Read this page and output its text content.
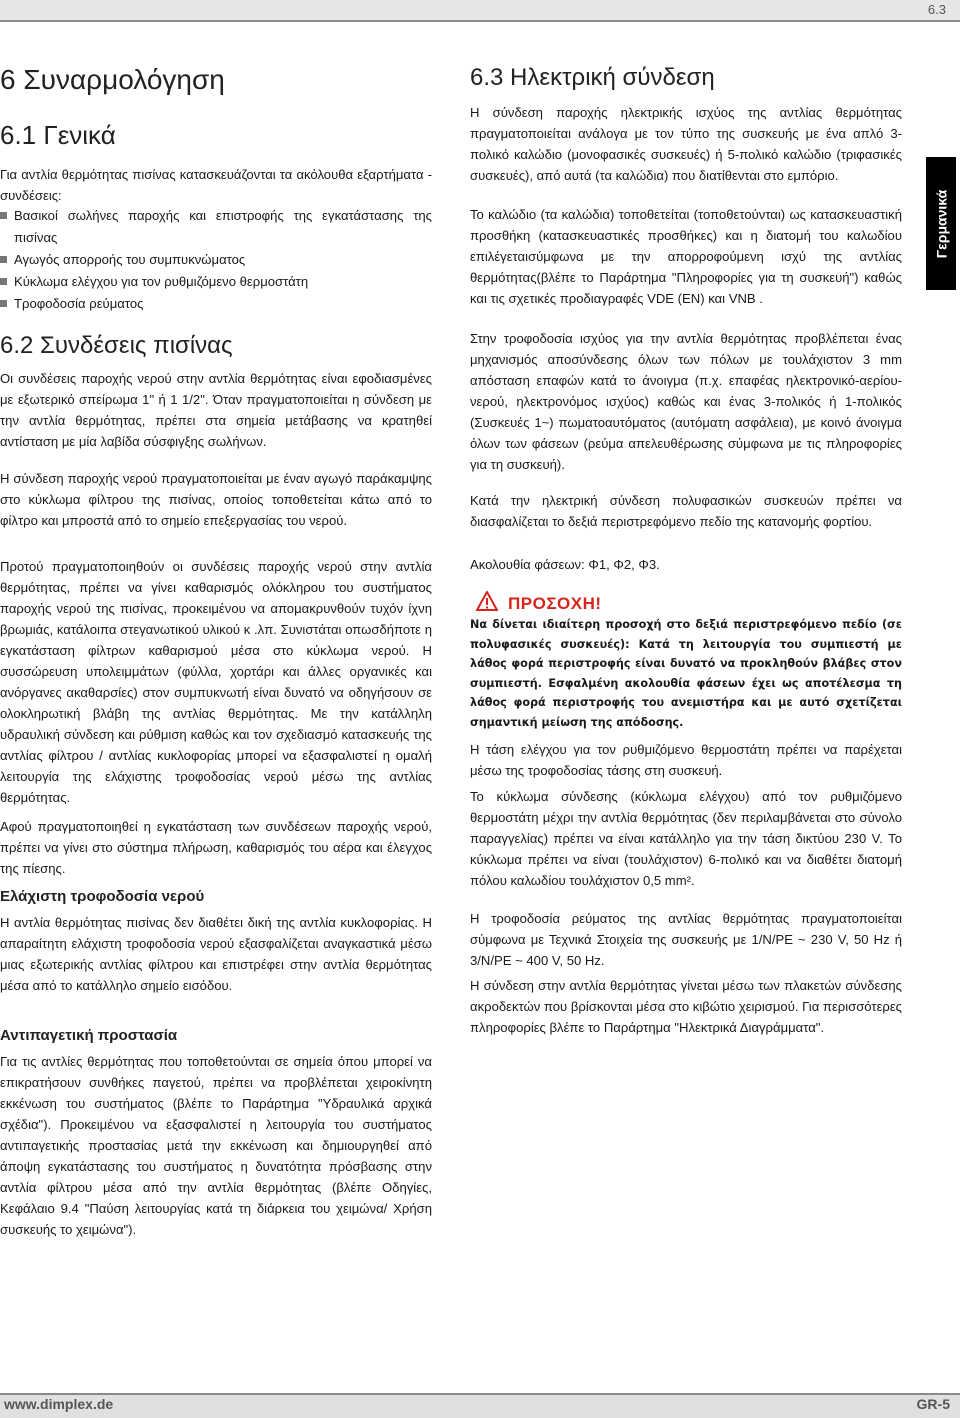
6.3
6 Συναρμολόγηση
6.1 Γενικά

Για αντλία θερμότητας πισίνας κατασκευάζονται τα ακόλουθα εξαρτήματα - συνδέσεις:

Βασικοί σωλήνες παροχής και επιστροφής της εγκατάστασης της πισίνας
Αγωγός απορροής του συμπυκνώματος
Κύκλωμα ελέγχου για τον ρυθμιζόμενο θερμοστάτη
Τροφοδοσία ρεύματος
6.2 Συνδέσεις πισίνας

Οι συνδέσεις παροχής νερού στην αντλία θερμότητας είναι εφοδιασμένες με εξωτερικό σπείρωμα 1" ή 1 1/2". Όταν πραγματοποιείται η σύνδεση με την αντλία θερμότητας, πρέπει στα σημεία μετάβασης να κρατηθεί αντίσταση με μία λαβίδα σύσφιγξης σωλήνων.

Η σύνδεση παροχής νερού πραγματοποιείται με έναν αγωγό παράκαμψης στο κύκλωμα φίλτρου της πισίνας, οποίος τοποθετείται κάτω από το φίλτρο και μπροστά από το σημείο επεξεργασίας του νερού.

Προτού πραγματοποιηθούν οι συνδέσεις παροχής νερού στην αντλία θερμότητας, πρέπει να γίνει καθαρισμός ολόκληρου του συστήματος παροχής νερού της πισίνας, προκειμένου να απομακρυνθούν τυχόν ίχνη βρωμιάς, κατάλοιπα στεγανωτικού υλικού κ .λπ. Συνιστάται οπωσδήποτε η εγκατάσταση φίλτρων καθαρισμού μέσα στο κύκλωμα νερού. Η συσσώρευση υπολειμμάτων (φύλλα, χορτάρι και άλλες οργανικές και ανόργανες ακαθαρσίες) στον συμπυκνωτή είναι δυνατό να οδηγήσουν σε ολοκληρωτική βλάβη της αντλίας θερμότητας. Με την κατάλληλη υδραυλική σύνδεση και ρύθμιση καθώς και τον σχεδιασμό κατασκευής της αντλίας φίλτρου / αντλίας κυκλοφορίας μπορεί να εξασφαλιστεί η ομαλή λειτουργία της ελάχιστης τροφοδοσίας νερού μέσω της αντλίας θερμότητας.

Αφού πραγματοποιηθεί η εγκατάσταση των συνδέσεων παροχής νερού, πρέπει να γίνει στο σύστημα πλήρωση, καθαρισμός του αέρα και έλεγχος της πίεσης.

Ελάχιστη τροφοδοσία νερού

Η αντλία θερμότητας πισίνας δεν διαθέτει δική της αντλία κυκλοφορίας. Η απαραίτητη ελάχιστη τροφοδοσία νερού εξασφαλίζεται αναγκαστικά μέσω μιας εξωτερικής αντλίας φίλτρου και επιστρέφει στην αντλία θερμότητας μέσα από το κατάλληλο σημείο εισόδου.

Αντιπαγετική προστασία

Για τις αντλίες θερμότητας που τοποθετούνται σε σημεία όπου μπορεί να επικρατήσουν συνθήκες παγετού, πρέπει να προβλέπεται χειροκίνητη εκκένωση του συστήματος (βλέπε το Παράρτημα "Υδραυλικά αρχικά σχέδια"). Προκειμένου να εξασφαλιστεί η λειτουργία του συστήματος αντιπαγετικής προστασίας μετά την εκκένωση και δημιουργηθεί από άποψη εγκατάστασης του συστήματος η δυνατότητα πρόσβασης στην αντλία φίλτρου μέσα από την αντλία θερμότητας (βλέπε Οδηγίες, Κεφάλαιο 9.4 "Παύση λειτουργίας κατά τη διάρκεια του χειμώνα/ Χρήση συσκευής το χειμώνα").

6.3 Ηλεκτρική σύνδεση

Η σύνδεση παροχής ηλεκτρικής ισχύος της αντλίας θερμότητας πραγματοποιείται ανάλογα με τον τύπο της συσκευής με ένα απλό 3-πολικό καλώδιο (μονοφασικές συσκευές) ή 5-πολικό καλώδιο (τριφασικές συσκευές), από αυτά (τα καλώδια) που διατίθενται στο εμπόριο.

Το καλώδιο (τα καλώδια) τοποθετείται (τοποθετούνται) ως κατασκευαστική προσθήκη (κατασκευαστικές προσθήκες) και η διατομή του καλωδίου επιλέγεταισύμφωνα με την απορροφούμενη ισχύ της αντλίας θερμότητας(βλέπε το Παράρτημα "Πληροφορίες για τη συσκευή") καθώς και τις σχετικές προδιαγραφές VDE (EN) και VNB .

Στην τροφοδοσία ισχύος για την αντλία θερμότητας προβλέπεται ένας μηχανισμός αποσύνδεσης όλων των πόλων με τουλάχιστον 3 mm απόσταση επαφών κατά το άνοιγμα (π.χ. επαφέας ηλεκτρονικό-αερίου-νερού, ηλεκτρονόμος ισχύος) καθώς και ένας 3-πολικός ή 1-πολικός (Συσκευές 1~) πωματοαυτόματος (αυτόματη ασφάλεια), με κοινό άνοιγμα όλων των φάσεων (ρεύμα απελευθέρωσης σύμφωνα με τις πληροφορίες για τη συσκευή).

Κατά την ηλεκτρική σύνδεση πολυφασικών συσκευών πρέπει να διασφαλίζεται το δεξιά περιστρεφόμενο πεδίο της κατανομής φορτίου.

Ακολουθία φάσεων: Φ1, Φ2, Φ3.

ΠΡΟΣΟΧΗ!

Να δίνεται ιδιαίτερη προσοχή στο δεξιά περιστρεφόμενο πεδίο (σε πολυφασικές συσκευές): Κατά τη λειτουργία του συμπιεστή με λάθος φορά περιστροφής είναι δυνατό να προκληθούν βλάβες στον συμπιεστή. Εσφαλμένη ακολουθία φάσεων έχει ως αποτέλεσμα τη λάθος φορά περιστροφής του ανεμιστήρα και με αυτό σχετίζεται σημαντική μείωση της απόδοσης.

Η τάση ελέγχου για τον ρυθμιζόμενο θερμοστάτη πρέπει να παρέχεται μέσω της τροφοδοσίας τάσης στη συσκευή.

Το κύκλωμα σύνδεσης (κύκλωμα ελέγχου) από τον ρυθμιζόμενο θερμοστάτη μέχρι την αντλία θερμότητας (δεν περιλαμβάνεται στο σύνολο παραγγελίας) πρέπει να είναι κατάλληλο για την τάση δικτύου 230 V. Το κύκλωμα πρέπει να είναι (τουλάχιστον) 6-πολικό και να διαθέτει διατομή πόλου καλωδίου τουλάχιστον 0,5 mm².

Η τροφοδοσία ρεύματος της αντλίας θερμότητας πραγματοποιείται σύμφωνα με Τεχνικά Στοιχεία της συσκευής με 1/N/PE ~ 230 V, 50 Hz ή 3/N/PE ~ 400 V, 50 Hz.

Η σύνδεση στην αντλία θερμότητας γίνεται μέσω των πλακετών σύνδεσης ακροδεκτών που βρίσκονται μέσα στο κιβώτιο χειρισμού. Για περισσότερες πληροφορίες βλέπε το Παράρτημα "Ηλεκτρικά Διαγράμματα".

Γερμανικά
www.dimplex.de	GR-5
